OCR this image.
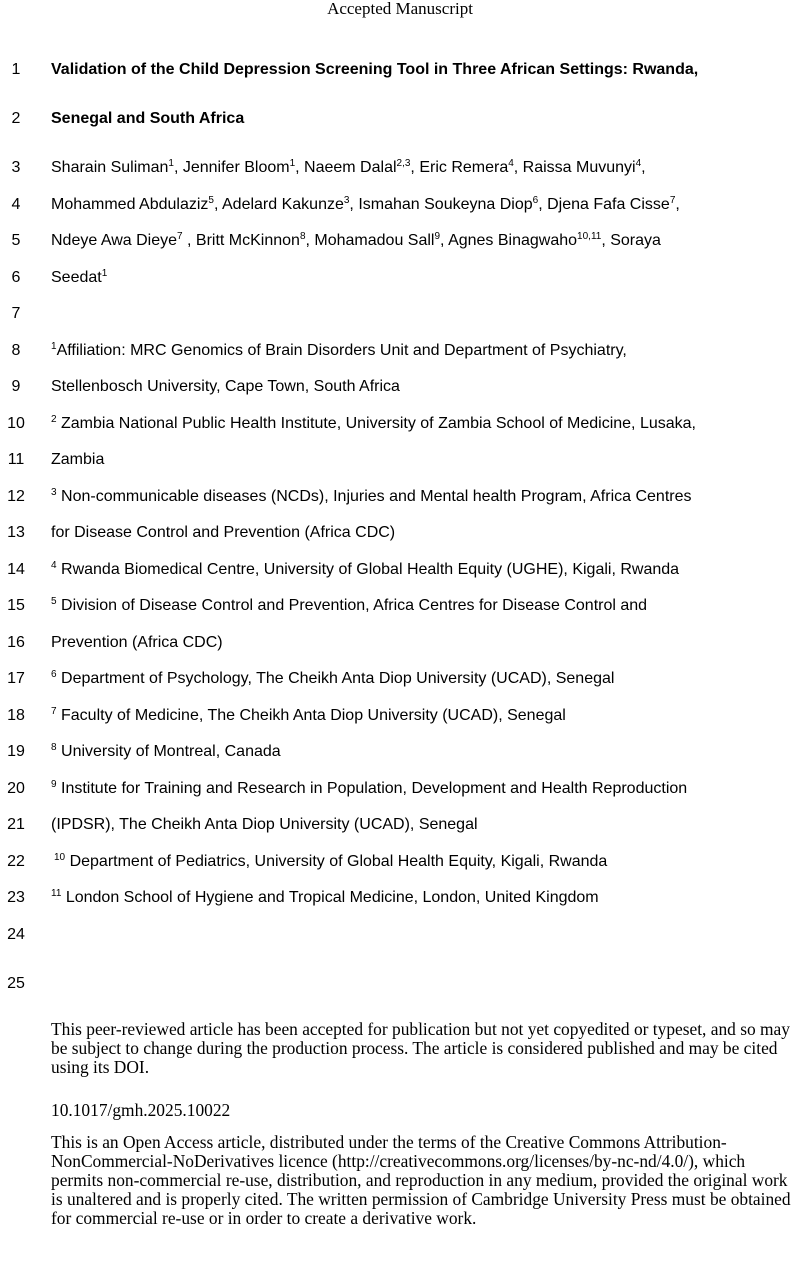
Accepted Manuscript
1
2
3
4
5
6
7
8
9
10
11
12
13
14
15
16
17
18
19
20
21
22
23
24
25
Validation of the Child Depression Screening Tool in Three African Settings: Rwanda,
Senegal and South Africa
Sharain Suliman$^1$, Jennifer Bloom$^1$, Naeem Dalal$^{2,3}$, Eric Remera$^4$, Raissa Muvunyi$^4$,
Mohammed Abdulaziz$^5$, Adelard Kakunze$^3$, Ismahan Soukeyna Diop$^6$, Djena Fafa Cisse$^7$,
Ndeye Awa Dieye$^7$ , Britt McKinnon$^8$, Mohamadou Sall$^9$, Agnes Binagwaho$^{10,11}$, Soraya
Seedat$^1$
$^1$Affiliation: MRC Genomics of Brain Disorders Unit and Department of Psychiatry,
Stellenbosch University, Cape Town, South Africa
$^2$ Zambia National Public Health Institute, University of Zambia School of Medicine, Lusaka,
Zambia
$^3$ Non-communicable diseases (NCDs), Injuries and Mental health Program, Africa Centres
for Disease Control and Prevention (Africa CDC)
$^4$ Rwanda Biomedical Centre, University of Global Health Equity (UGHE), Kigali, Rwanda
$^5$ Division of Disease Control and Prevention, Africa Centres for Disease Control and
Prevention (Africa CDC)
$^6$ Department of Psychology, The Cheikh Anta Diop University (UCAD), Senegal
$^7$ Faculty of Medicine, The Cheikh Anta Diop University (UCAD), Senegal
$^8$ University of Montreal, Canada
$^9$ Institute for Training and Research in Population, Development and Health Reproduction
(IPDSR), The Cheikh Anta Diop University (UCAD), Senegal
$^{10}$ Department of Pediatrics, University of Global Health Equity, Kigali, Rwanda
$^{11}$ London School of Hygiene and Tropical Medicine, London, United Kingdom
This peer-reviewed article has been accepted for publication but not yet copyedited or typeset, and so may be subject to change during the production process. The article is considered published and may be cited using its DOI.
10.1017/gmh.2025.10022
This is an Open Access article, distributed under the terms of the Creative Commons Attribution-NonCommercial-NoDerivatives licence (http://creativecommons.org/licenses/by-nc-nd/4.0/), which permits non-commercial re-use, distribution, and reproduction in any medium, provided the original work is unaltered and is properly cited. The written permission of Cambridge University Press must be obtained for commercial re-use or in order to create a derivative work.
